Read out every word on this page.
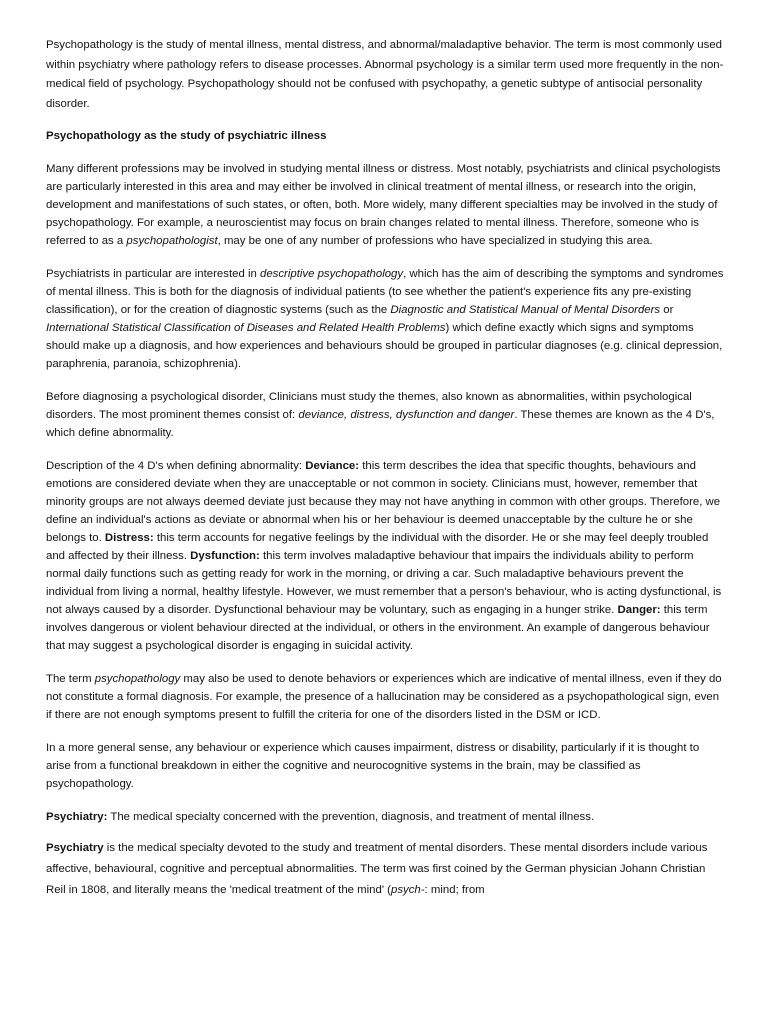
Psychopathology is the study of mental illness, mental distress, and abnormal/maladaptive behavior. The term is most commonly used within psychiatry where pathology refers to disease processes. Abnormal psychology is a similar term used more frequently in the non-medical field of psychology. Psychopathology should not be confused with psychopathy, a genetic subtype of antisocial personality disorder.

Psychopathology as the study of psychiatric illness

Many different professions may be involved in studying mental illness or distress. Most notably, psychiatrists and clinical psychologists are particularly interested in this area and may either be involved in clinical treatment of mental illness, or research into the origin, development and manifestations of such states, or often, both. More widely, many different specialties may be involved in the study of psychopathology. For example, a neuroscientist may focus on brain changes related to mental illness. Therefore, someone who is referred to as a psychopathologist, may be one of any number of professions who have specialized in studying this area.

Psychiatrists in particular are interested in descriptive psychopathology, which has the aim of describing the symptoms and syndromes of mental illness. This is both for the diagnosis of individual patients (to see whether the patient's experience fits any pre-existing classification), or for the creation of diagnostic systems (such as the Diagnostic and Statistical Manual of Mental Disorders or International Statistical Classification of Diseases and Related Health Problems) which define exactly which signs and symptoms should make up a diagnosis, and how experiences and behaviours should be grouped in particular diagnoses (e.g. clinical depression, paraphrenia, paranoia, schizophrenia).

Before diagnosing a psychological disorder, Clinicians must study the themes, also known as abnormalities, within psychological disorders. The most prominent themes consist of: deviance, distress, dysfunction and danger. These themes are known as the 4 D's, which define abnormality.

Description of the 4 D's when defining abnormality: Deviance: this term describes the idea that specific thoughts, behaviours and emotions are considered deviate when they are unacceptable or not common in society. Clinicians must, however, remember that minority groups are not always deemed deviate just because they may not have anything in common with other groups. Therefore, we define an individual's actions as deviate or abnormal when his or her behaviour is deemed unacceptable by the culture he or she belongs to. Distress: this term accounts for negative feelings by the individual with the disorder. He or she may feel deeply troubled and affected by their illness. Dysfunction: this term involves maladaptive behaviour that impairs the individuals ability to perform normal daily functions such as getting ready for work in the morning, or driving a car. Such maladaptive behaviours prevent the individual from living a normal, healthy lifestyle. However, we must remember that a person's behaviour, who is acting dysfunctional, is not always caused by a disorder. Dysfunctional behaviour may be voluntary, such as engaging in a hunger strike. Danger: this term involves dangerous or violent behaviour directed at the individual, or others in the environment. An example of dangerous behaviour that may suggest a psychological disorder is engaging in suicidal activity.

The term psychopathology may also be used to denote behaviors or experiences which are indicative of mental illness, even if they do not constitute a formal diagnosis. For example, the presence of a hallucination may be considered as a psychopathological sign, even if there are not enough symptoms present to fulfill the criteria for one of the disorders listed in the DSM or ICD.

In a more general sense, any behaviour or experience which causes impairment, distress or disability, particularly if it is thought to arise from a functional breakdown in either the cognitive and neurocognitive systems in the brain, may be classified as psychopathology.

Psychiatry: The medical specialty concerned with the prevention, diagnosis, and treatment of mental illness.

Psychiatry is the medical specialty devoted to the study and treatment of mental disorders. These mental disorders include various affective, behavioural, cognitive and perceptual abnormalities. The term was first coined by the German physician Johann Christian Reil in 1808, and literally means the 'medical treatment of the mind' (psych-: mind; from
